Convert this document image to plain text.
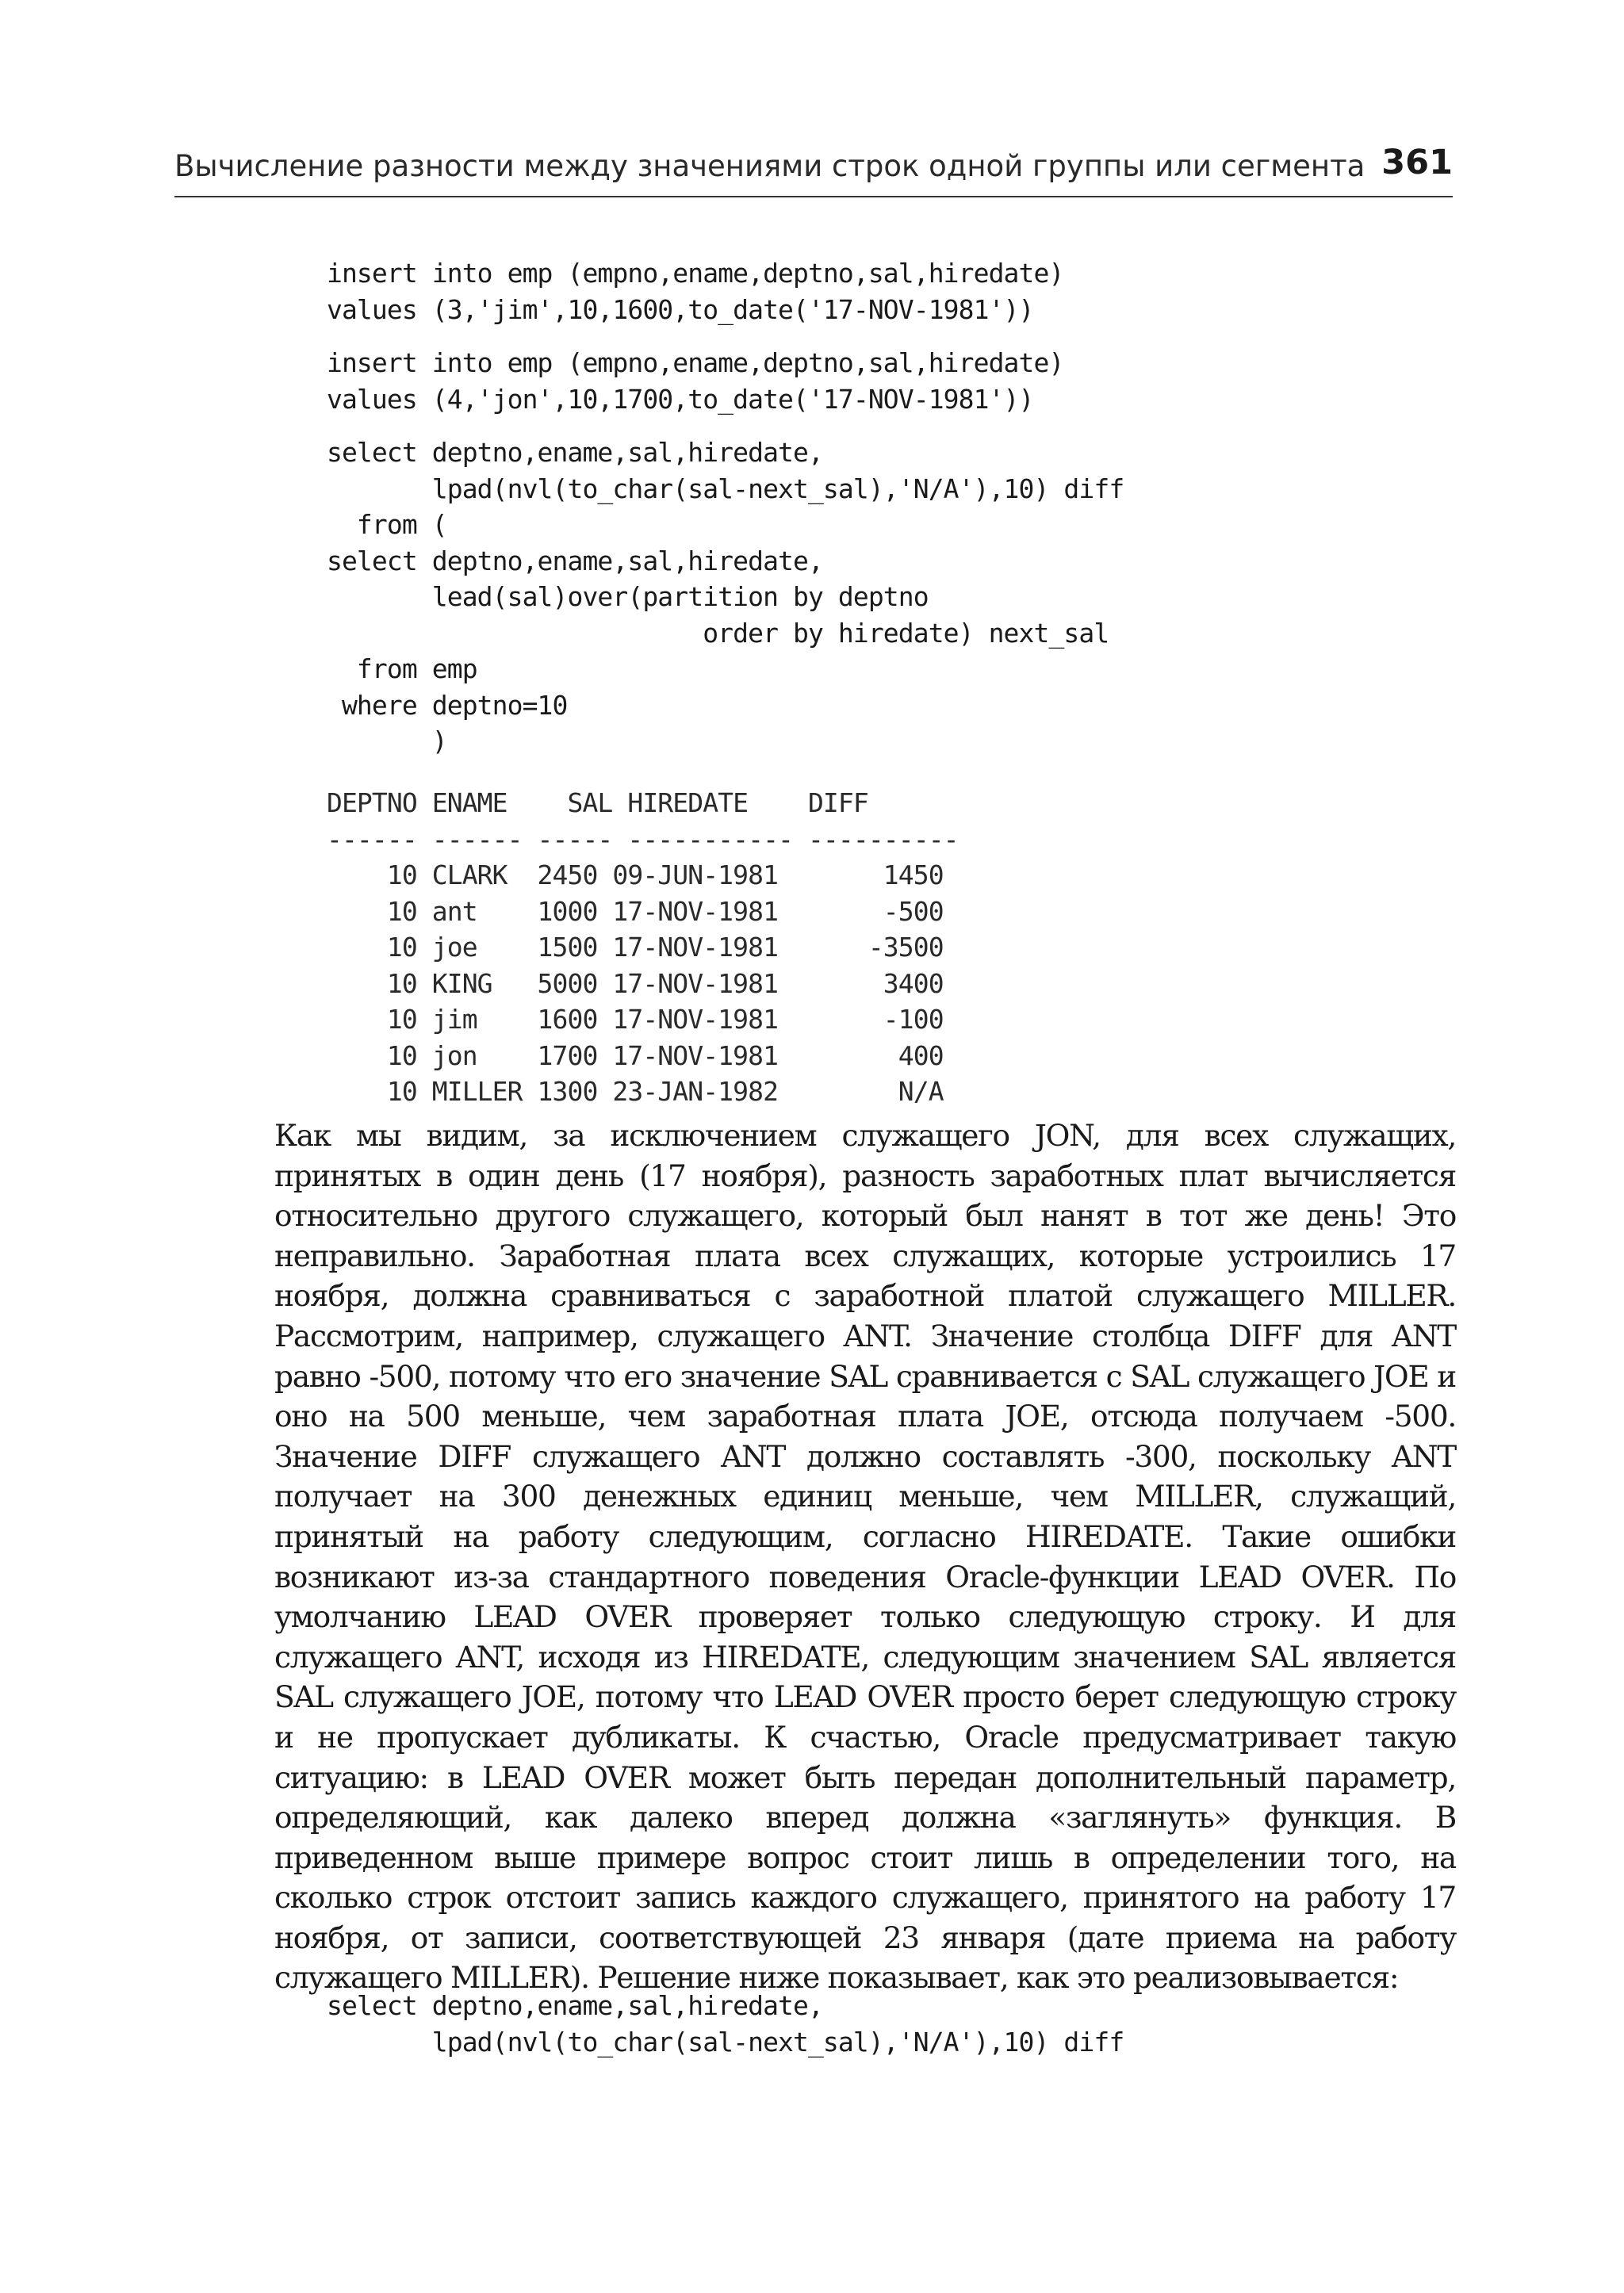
Вычисление разности между значениями строк одной группы или сегмента 361
insert into emp (empno,ename,deptno,sal,hiredate)
values (3,'jim',10,1600,to_date('17-NOV-1981'))
insert into emp (empno,ename,deptno,sal,hiredate)
values (4,'jon',10,1700,to_date('17-NOV-1981'))
select deptno,ename,sal,hiredate,
lpad(nvl(to_char(sal-next_sal),'N/A'),10) diff
from (
select deptno,ename,sal,hiredate,
lead(sal)over(partition by deptno
order by hiredate) next_sal
from emp
where deptno=10
)
DEPTNO ENAME    SAL HIREDATE    DIFF
------ ------ ----- ----------- ----------
10 CLARK  2450 09-JUN-1981       1450
10 ant    1000 17-NOV-1981       -500
10 joe    1500 17-NOV-1981      -3500
10 KING   5000 17-NOV-1981       3400
10 jim    1600 17-NOV-1981       -100
10 jon    1700 17-NOV-1981        400
10 MILLER 1300 23-JAN-1982        N/A

Как мы видим, за исключением служащего JON, для всех служащих, принятых в один день (17 ноября), разность заработных плат вычисляется относительно другого служащего, который был нанят в тот же день! Это неправильно. Заработная плата всех служащих, которые устроились 17 ноября, должна сравниваться с заработной платой служащего MILLER. Рассмотрим, например, служащего ANT. Значение столбца DIFF для ANT равно -500, потому что его значение SAL сравнивается с SAL служащего JOE и оно на 500 меньше, чем заработная плата JOE, отсюда получаем -500. Значение DIFF служащего ANT должно составлять -300, поскольку ANT получает на 300 денежных единиц меньше, чем MILLER, служащий, принятый на работу следующим, согласно HIREDATE. Такие ошибки возникают из-за стандартного поведения Oracle-функции LEAD OVER. По умолчанию LEAD OVER проверяет только следующую строку. И для служащего ANT, исходя из HIREDATE, следующим значением SAL является SAL служащего JOE, потому что LEAD OVER просто берет следующую строку и не пропускает дубликаты. К счастью, Oracle предусматривает такую ситуацию: в LEAD OVER может быть передан дополнительный параметр, определяющий, как далеко вперед должна «заглянуть» функция. В приведенном выше примере вопрос стоит лишь в определении того, на сколько строк отстоит запись каждого служащего, принятого на работу 17 ноября, от записи, соответствующей 23 января (дате приема на работу служащего MILLER). Решение ниже показывает, как это реализовывается:

select deptno,ename,sal,hiredate,
lpad(nvl(to_char(sal-next_sal),'N/A'),10) diff
